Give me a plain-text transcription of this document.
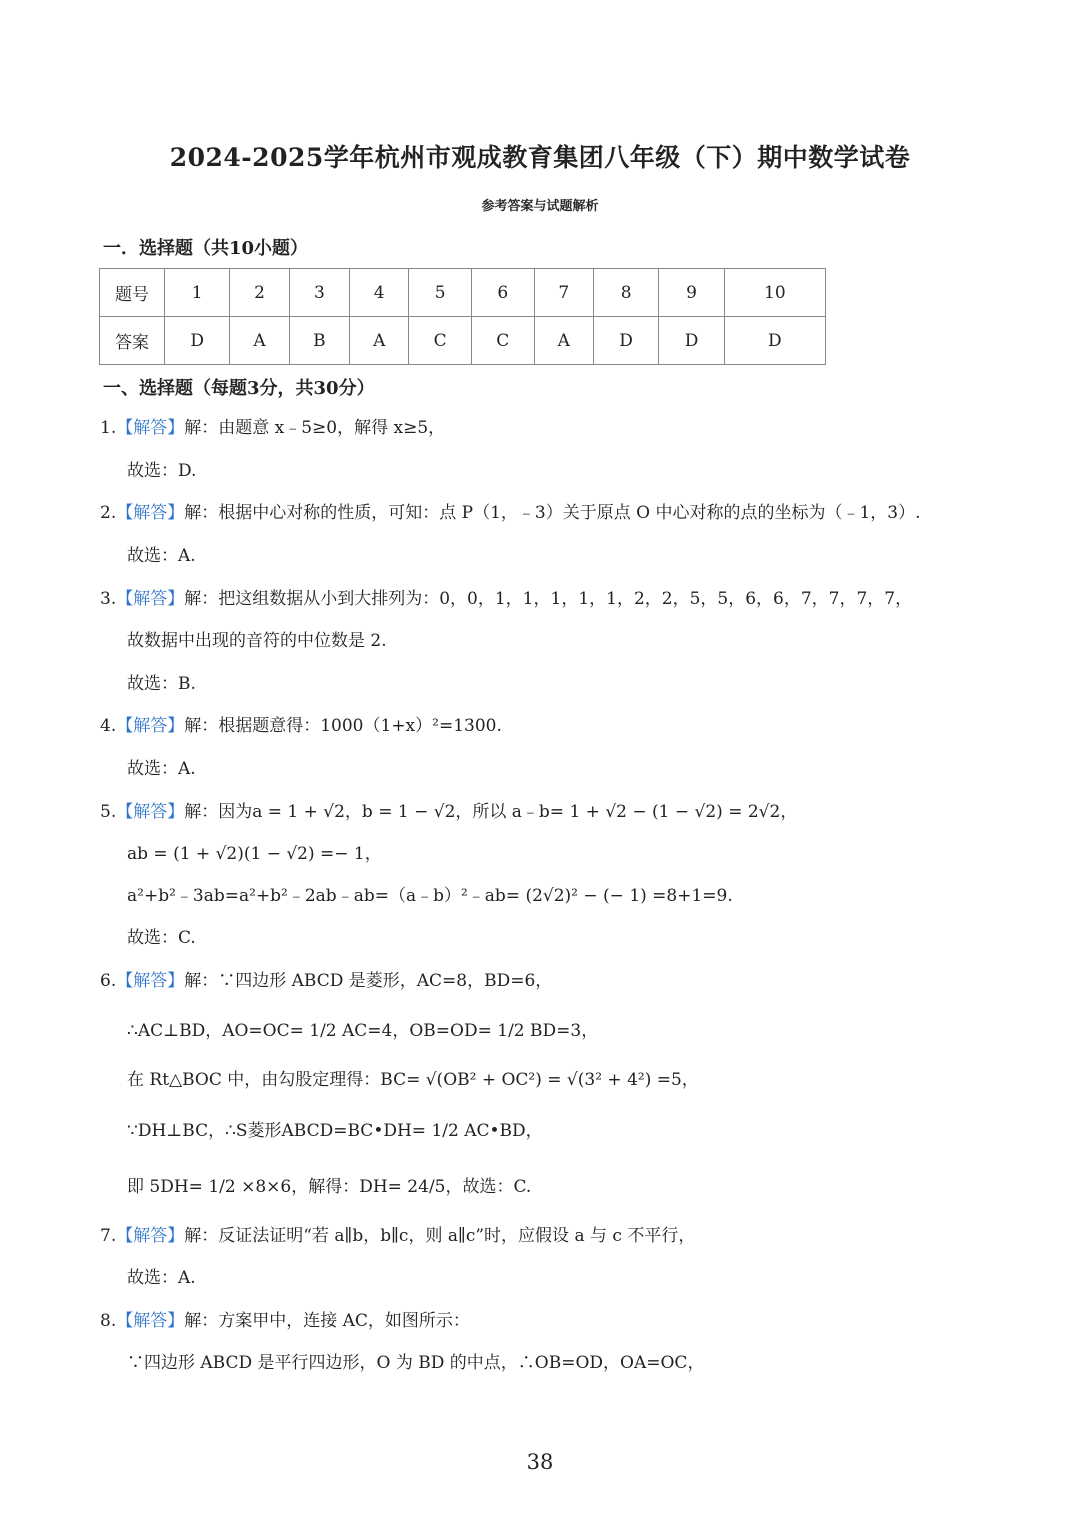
2024-2025学年杭州市观成教育集团八年级（下）期中数学试卷
参考答案与试题解析
一．选择题（共10小题）
题号	1	2	3	4	5	6	7	8	9	10
答案	D	A	B	A	C	C	A	D	D	D
一、选择题（每题3分，共30分）
1.【解答】解：由题意 x﹣5≥0，解得 x≥5，
故选：D.
2.【解答】解：根据中心对称的性质，可知：点 P（1，﹣3）关于原点 O 中心对称的点的坐标为（﹣1，3）.
故选：A.
3.【解答】解：把这组数据从小到大排列为：0，0，1，1，1，1，1，2，2，5，5，6，6，7，7，7，7，
故数据中出现的音符的中位数是 2.
故选：B.
4.【解答】解：根据题意得：1000（1+x）²=1300.
故选：A.
5.【解答】解：因为a = 1 + √2，b = 1 − √2，所以 a﹣b= 1 + √2 − (1 − √2) = 2√2，
ab = (1 + √2)(1 − √2) =− 1，
a²+b²﹣3ab=a²+b²﹣2ab﹣ab=（a﹣b）²﹣ab= (2√2)² − (− 1) =8+1=9.
故选：C.
6.【解答】解：∵四边形 ABCD 是菱形，AC=8，BD=6，
∴AC⊥BD，AO=OC= 1/2 AC=4，OB=OD= 1/2 BD=3，
在 Rt△BOC 中，由勾股定理得：BC= √(OB² + OC²) = √(3² + 4²) =5，
∵DH⊥BC，∴S菱形ABCD=BC•DH= 1/2 AC•BD，
即 5DH= 1/2 ×8×6，解得：DH= 24/5，故选：C.
7.【解答】解：反证法证明“若 a∥b，b∥c，则 a∥c”时，应假设 a 与 c 不平行，
故选：A.
8.【解答】解：方案甲中，连接 AC，如图所示：
∵四边形 ABCD 是平行四边形，O 为 BD 的中点，∴OB=OD，OA=OC，
38
